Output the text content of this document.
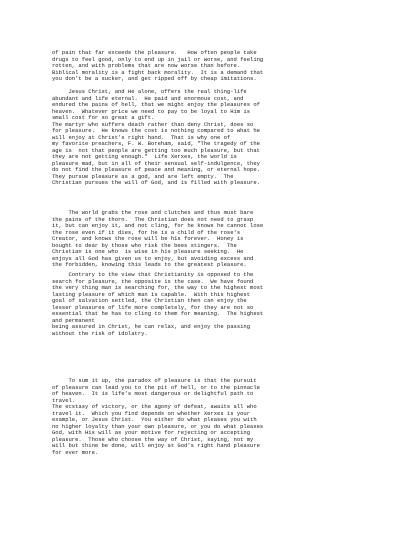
of pain that far exceeds the pleasure.   How often people take
drugs to feel good, only to end up in jail or worse, and feeling
rotten, and with problems that are now worse than before.
Biblical morality is a fight back morality.  It is a demand that
you don't be a sucker, and get ripped off by cheap imitations.
Jesus Christ, and He alone, offers the real thing-life
abundant and life eternal.  He paid and enormous cost, and
endured the pains of hell, that we might enjoy the pleasures of
heaven.  Whatever price we need to pay to be loyal to Him is
small cost for so great a gift.
The martyr who suffers death rather than deny Christ, does so
for pleasure.  He knows the cost is nothing compared to what he
will enjoy at Christ's right hand.  That is why one of
my favorite preachers, F. W. Boreham, said, "The tragedy of the
age is  not that people are getting too much pleasure, but that
they are not getting enough."  Life Xerxes, the world is
pleasure mad, but in all of their sensual self-indulgence, they
do not find the pleasure of peace and meaning, or eternal hope.
They pursue pleasure as a god, and are left empty.  The
Christian pursues the will of God, and is filled with pleasure.
The world grabs the rose and clutches and thus must bare
the pains of the thorn.  The Christian does not need to grasp
it, but can enjoy it, and not cling, for he knows he cannot lose
the rose even if it dies, for he is a child of the rose's
Creator, and knows the rose will be his forever.  Honey is
bought to dear by those who risk the bees stingers.  The
Christian is one who  is wise in his pleasure seeking.  He
enjoys all God has given us to enjoy, but avoiding excess and
the forbidden, knowing this leads to the greatest pleasure.
Contrary to the view that Christianity is opposed to the
search for pleasure, the opposite is the case.  We have found
the very thing man is searching for, the way to the highest most
lasting pleasure of which man is capable.  With this highest
goal of salvation settled, the Christian then can enjoy the
lesser pleasures of life more completely, for they are not so
essential that he has to cling to them for meaning.  The highest
and permanent
being assured in Christ, he can relax, and enjoy the passing
without the risk of idolatry.
To sum it up, the paradox of pleasure is that the pursuit
of pleasure can lead you to the pit of hell, or to the pinnacle
of heaven.  It is life's most dangerous or delightful path to
travel.
The ecstasy of victory, or the agony of defeat, awaits all who
travel it.  Which you find depends on whether Xerxes is your
example, or Jesus Christ.  You either do what pleases you with
no higher loyalty than your own pleasure, or you do what pleases
God, with His will as your motive for rejecting or accepting
pleasure.  Those who choose the way of Christ, saying, not my
will but thine be done, will enjoy at God's right hand pleasure
for ever more.
